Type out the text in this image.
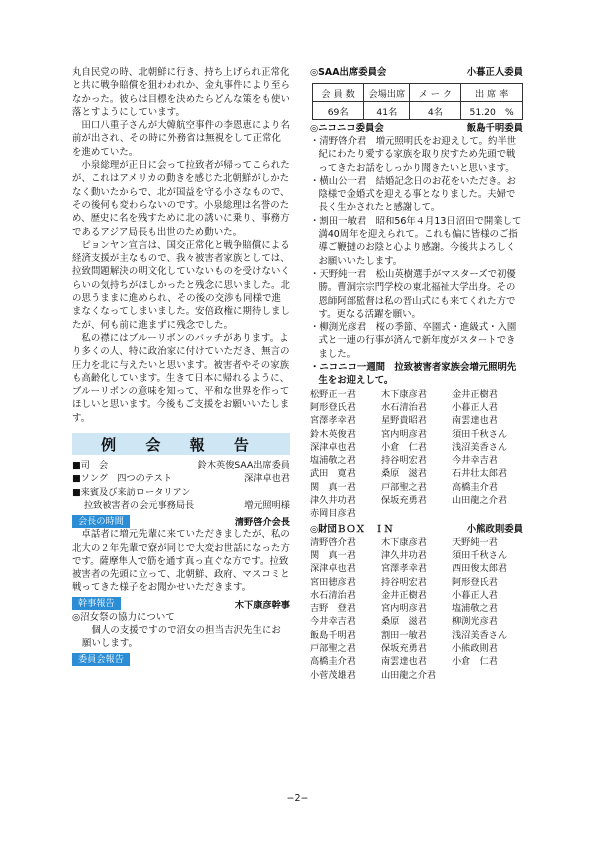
丸自民党の時、北朝鮮に行き、持ち上げられ正常化と共に戦争賠償を狙わわれか、金丸事件により至らなかった。彼らは目標を決めたらどんな策をも使い落とすようにしています。

田口八重子さんが大韓航空事件の李恩恵により名前が出され、その時に外務省は無視をして正常化を進めていた。

小泉総理が正日に会って拉致者が帰ってこられたが、これはアメリカの動きを感じた北朝鮮がしかたなく動いたからで、北が国益を守る小さなもので、その後何も変わらないのです。小泉総理は名誉のため、歴史に名を残すために北の誘いに乗り、事務方であるアジア局長も出世のため動いた。

ピョンヤン宣言は、国交正常化と戦争賠償による経済支援が主なもので、我々被害者家族としては、拉致問題解決の明文化していないものを受けないくらいの気持ちがほしかったと残念に思いました。北の思うままに進められ、その後の交渉も同様で進まなくなってしまいました。安倍政権に期待しましたが、何も前に進まずに残念でした。

私の襟にはブルーリボンのバッチがあります。より多くの人、特に政治家に付けていただき、無言の圧力を北に与えたいと思います。被害者やその家族も高齢化しています。生きて日本に帰れるように、ブルーリボンの意味を知って、平和な世界を作ってほしいと思います。今後もご支援をお願いいたします。

例 会 報 告
■司　会	鈴木英俊SAA出席委員
■ソング　四つのテスト	深津卓也君
■来賓及び来訪ロータリアン
拉致被害者の会元事務局長	増元照明様
会長の時間	清野啓介会長

卓話者に増元先輩に来ていただきましたが、私の北大の２年先輩で寮が同じで大変お世話になった方です。薩摩隼人で筋を通す真っ直ぐな方です。拉致被害者の先頭に立って、北朝鮮、政府、マスコミと戦ってきた様子をお聞かせいただきます。

幹事報告	木下康彦幹事

◎沼女祭の協力について

個人の支援ですので沼女の担当吉沢先生にお願いします。

委員会報告
◎SAA出席委員会	小暮正人委員
会 員 数	会場出席	メ ー ク	出 席 率
69名	41名	4名	51.20　%
◎ニコニコ委員会	飯島千明委員

・清野啓介君　増元照明氏をお迎えして。約半世紀にわたり愛する家族を取り戻すため先頭で戦ってきたお話をしっかり聞きたいと思います。

・横山公一君　結婚記念日のお花をいただき。お陰様で金婚式を迎える事となりました。夫婦で長く生かされたと感謝して。

・割田一敏君　昭和56年４月13日沼田で開業して満40周年を迎えられて。これも偏に皆様のご指導ご鞭撻のお陰と心より感謝。今後共よろしくお願いいたします。

・天野純一君　松山英樹選手がマスターズで初優勝。曹洞宗宗門学校の東北福祉大学出身。その恩師阿部監督は私の晋山式にも来てくれた方です。更なる活躍を願い。

・柳渕光彦君　桜の季節、卒園式・進級式・入園式と一連の行事が済んで新年度がスタートできました。

・ニコニコ一週間　拉致被害者家族会増元照明先生をお迎えして。

松野正一君	木下康彦君	金井正樹君
阿形登氏君	水石清治君	小暮正人君
宮澤孝幸君	星野貴昭君	南雲達也君
鈴木英俊君	宮内明彦君	須田千秋さん
深津卓也君	小倉　仁君	浅沼美香さん
塩浦敬之君	持谷明宏君	今井幸吉君
武田　寛君	桑原　滋君	石井壮太郎君
関　真一君	戸部聖之君	高橋圭介君
津久井功君	保坂充勇君	山田龍之介君
赤岡目彦君
◎財団ＢＯＸ　ＩＮ	小熊政則委員
清野啓介君	木下康彦君	天野純一君
関　真一君	津久井功君	須田千秋さん
深津卓也君	宮澤孝幸君	西田俊太郎君
宮田徳彦君	持谷明宏君	阿形登氏君
水石清治君	金井正樹君	小暮正人君
吉野　登君	宮内明彦君	塩浦敬之君
今井幸吉君	桑原　滋君	柳渕光彦君
飯島千明君	割田一敏君	浅沼美香さん
戸部聖之君	保坂充勇君	小熊政則君
高橋圭介君	南雲達也君	小倉　仁君
小菅茂雄君	山田龍之介君
−2−
